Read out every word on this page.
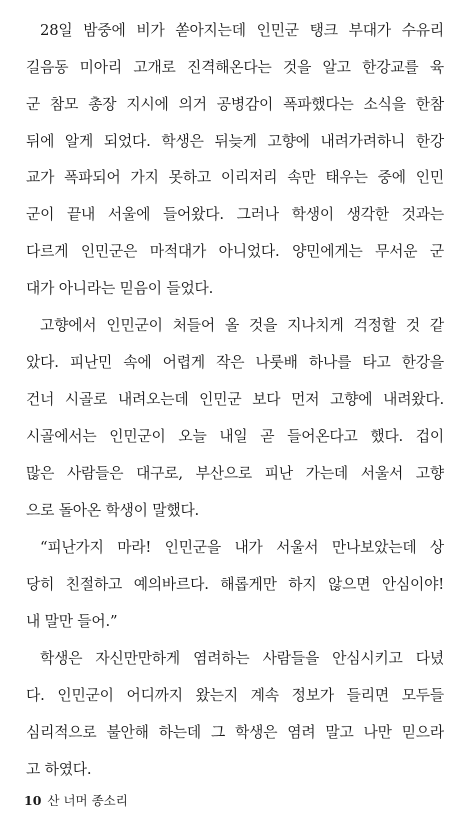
28일 밤중에 비가 쏟아지는데 인민군 탱크 부대가 수유리
길음동 미아리 고개로 진격해온다는 것을 알고 한강교를 육
군 참모 총장 지시에 의거 공병감이 폭파했다는 소식을 한참
뒤에 알게 되었다. 학생은 뒤늦게 고향에 내려가려하니 한강
교가 폭파되어 가지 못하고 이리저리 속만 태우는 중에 인민
군이 끝내 서울에 들어왔다. 그러나 학생이 생각한 것과는
다르게 인민군은 마적대가 아니었다. 양민에게는 무서운 군
대가 아니라는 믿음이 들었다.
고향에서 인민군이 처들어 올 것을 지나치게 걱정할 것 같
았다. 피난민 속에 어렵게 작은 나룻배 하나를 타고 한강을
건너 시골로 내려오는데 인민군 보다 먼저 고향에 내려왔다.
시골에서는 인민군이 오늘 내일 곧 들어온다고 했다. 겁이
많은 사람들은 대구로, 부산으로 피난 가는데 서울서 고향
으로 돌아온 학생이 말했다.
“피난가지 마라! 인민군을 내가 서울서 만나보았는데 상
당히 친절하고 예의바르다. 해롭게만 하지 않으면 안심이야!
내 말만 들어.”
학생은 자신만만하게 염려하는 사람들을 안심시키고 다녔
다. 인민군이 어디까지 왔는지 계속 정보가 들리면 모두들
심리적으로 불안해 하는데 그 학생은 염려 말고 나만 믿으라
고 하였다.
10 산 너머 종소리
